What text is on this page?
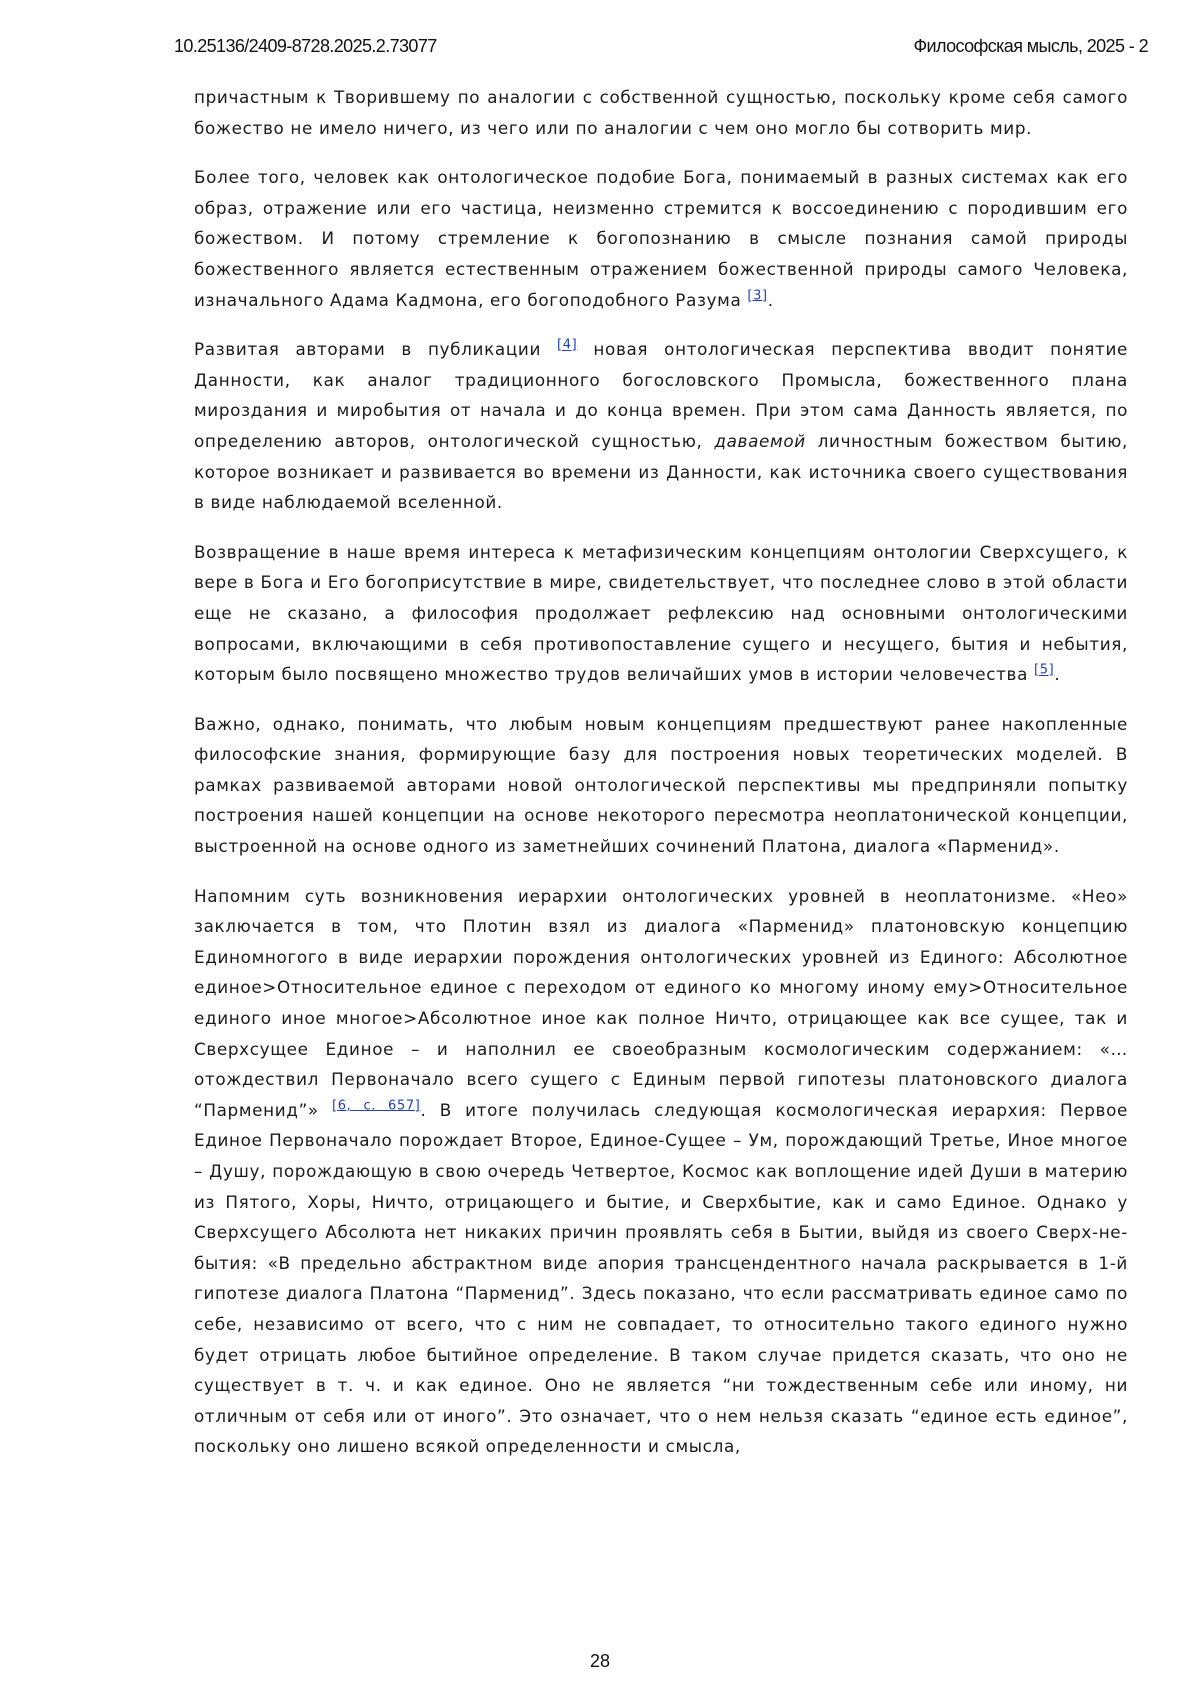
10.25136/2409-8728.2025.2.73077	Философская мысль, 2025 - 2

причастным к Творившему по аналогии с собственной сущностью, поскольку кроме себя самого божество не имело ничего, из чего или по аналогии с чем оно могло бы сотворить мир.

Более того, человек как онтологическое подобие Бога, понимаемый в разных системах как его образ, отражение или его частица, неизменно стремится к воссоединению с породившим его божеством. И потому стремление к богопознанию в смысле познания самой природы божественного является естественным отражением божественной природы самого Человека, изначального Адама Кадмона, его богоподобного Разума [3].

Развитая авторами в публикации [4] новая онтологическая перспектива вводит понятие Данности, как аналог традиционного богословского Промысла, божественного плана мироздания и миробытия от начала и до конца времен. При этом сама Данность является, по определению авторов, онтологической сущностью, даваемой личностным божеством бытию, которое возникает и развивается во времени из Данности, как источника своего существования в виде наблюдаемой вселенной.

Возвращение в наше время интереса к метафизическим концепциям онтологии Сверхсущего, к вере в Бога и Его богоприсутствие в мире, свидетельствует, что последнее слово в этой области еще не сказано, а философия продолжает рефлексию над основными онтологическими вопросами, включающими в себя противопоставление сущего и несущего, бытия и небытия, которым было посвящено множество трудов величайших умов в истории человечества [5].

Важно, однако, понимать, что любым новым концепциям предшествуют ранее накопленные философские знания, формирующие базу для построения новых теоретических моделей. В рамках развиваемой авторами новой онтологической перспективы мы предприняли попытку построения нашей концепции на основе некоторого пересмотра неоплатонической концепции, выстроенной на основе одного из заметнейших сочинений Платона, диалога «Парменид».

Напомним суть возникновения иерархии онтологических уровней в неоплатонизме. «Нео» заключается в том, что Плотин взял из диалога «Парменид» платоновскую концепцию Единомногого в виде иерархии порождения онтологических уровней из Единого: Абсолютное единое>Относительное единое с переходом от единого ко многому иному ему>Относительное единого иное многое>Абсолютное иное как полное Ничто, отрицающее как все сущее, так и Сверхсущее Единое – и наполнил ее своеобразным космологическим содержанием: «…отождествил Первоначало всего сущего с Единым первой гипотезы платоновского диалога “Парменид”» [6, с. 657]. В итоге получилась следующая космологическая иерархия: Первое Единое Первоначало порождает Второе, Единое-Сущее – Ум, порождающий Третье, Иное многое – Душу, порождающую в свою очередь Четвертое, Космос как воплощение идей Души в материю из Пятого, Хоры, Ничто, отрицающего и бытие, и Сверхбытие, как и само Единое. Однако у Сверхсущего Абсолюта нет никаких причин проявлять себя в Бытии, выйдя из своего Сверх-не-бытия: «В предельно абстрактном виде апория трансцендентного начала раскрывается в 1-й гипотезе диалога Платона “Парменид”. Здесь показано, что если рассматривать единое само по себе, независимо от всего, что с ним не совпадает, то относительно такого единого нужно будет отрицать любое бытийное определение. В таком случае придется сказать, что оно не существует в т. ч. и как единое. Оно не является “ни тождественным себе или иному, ни отличным от себя или от иного”. Это означает, что о нем нельзя сказать “единое есть единое”, поскольку оно лишено всякой определенности и смысла,

28
